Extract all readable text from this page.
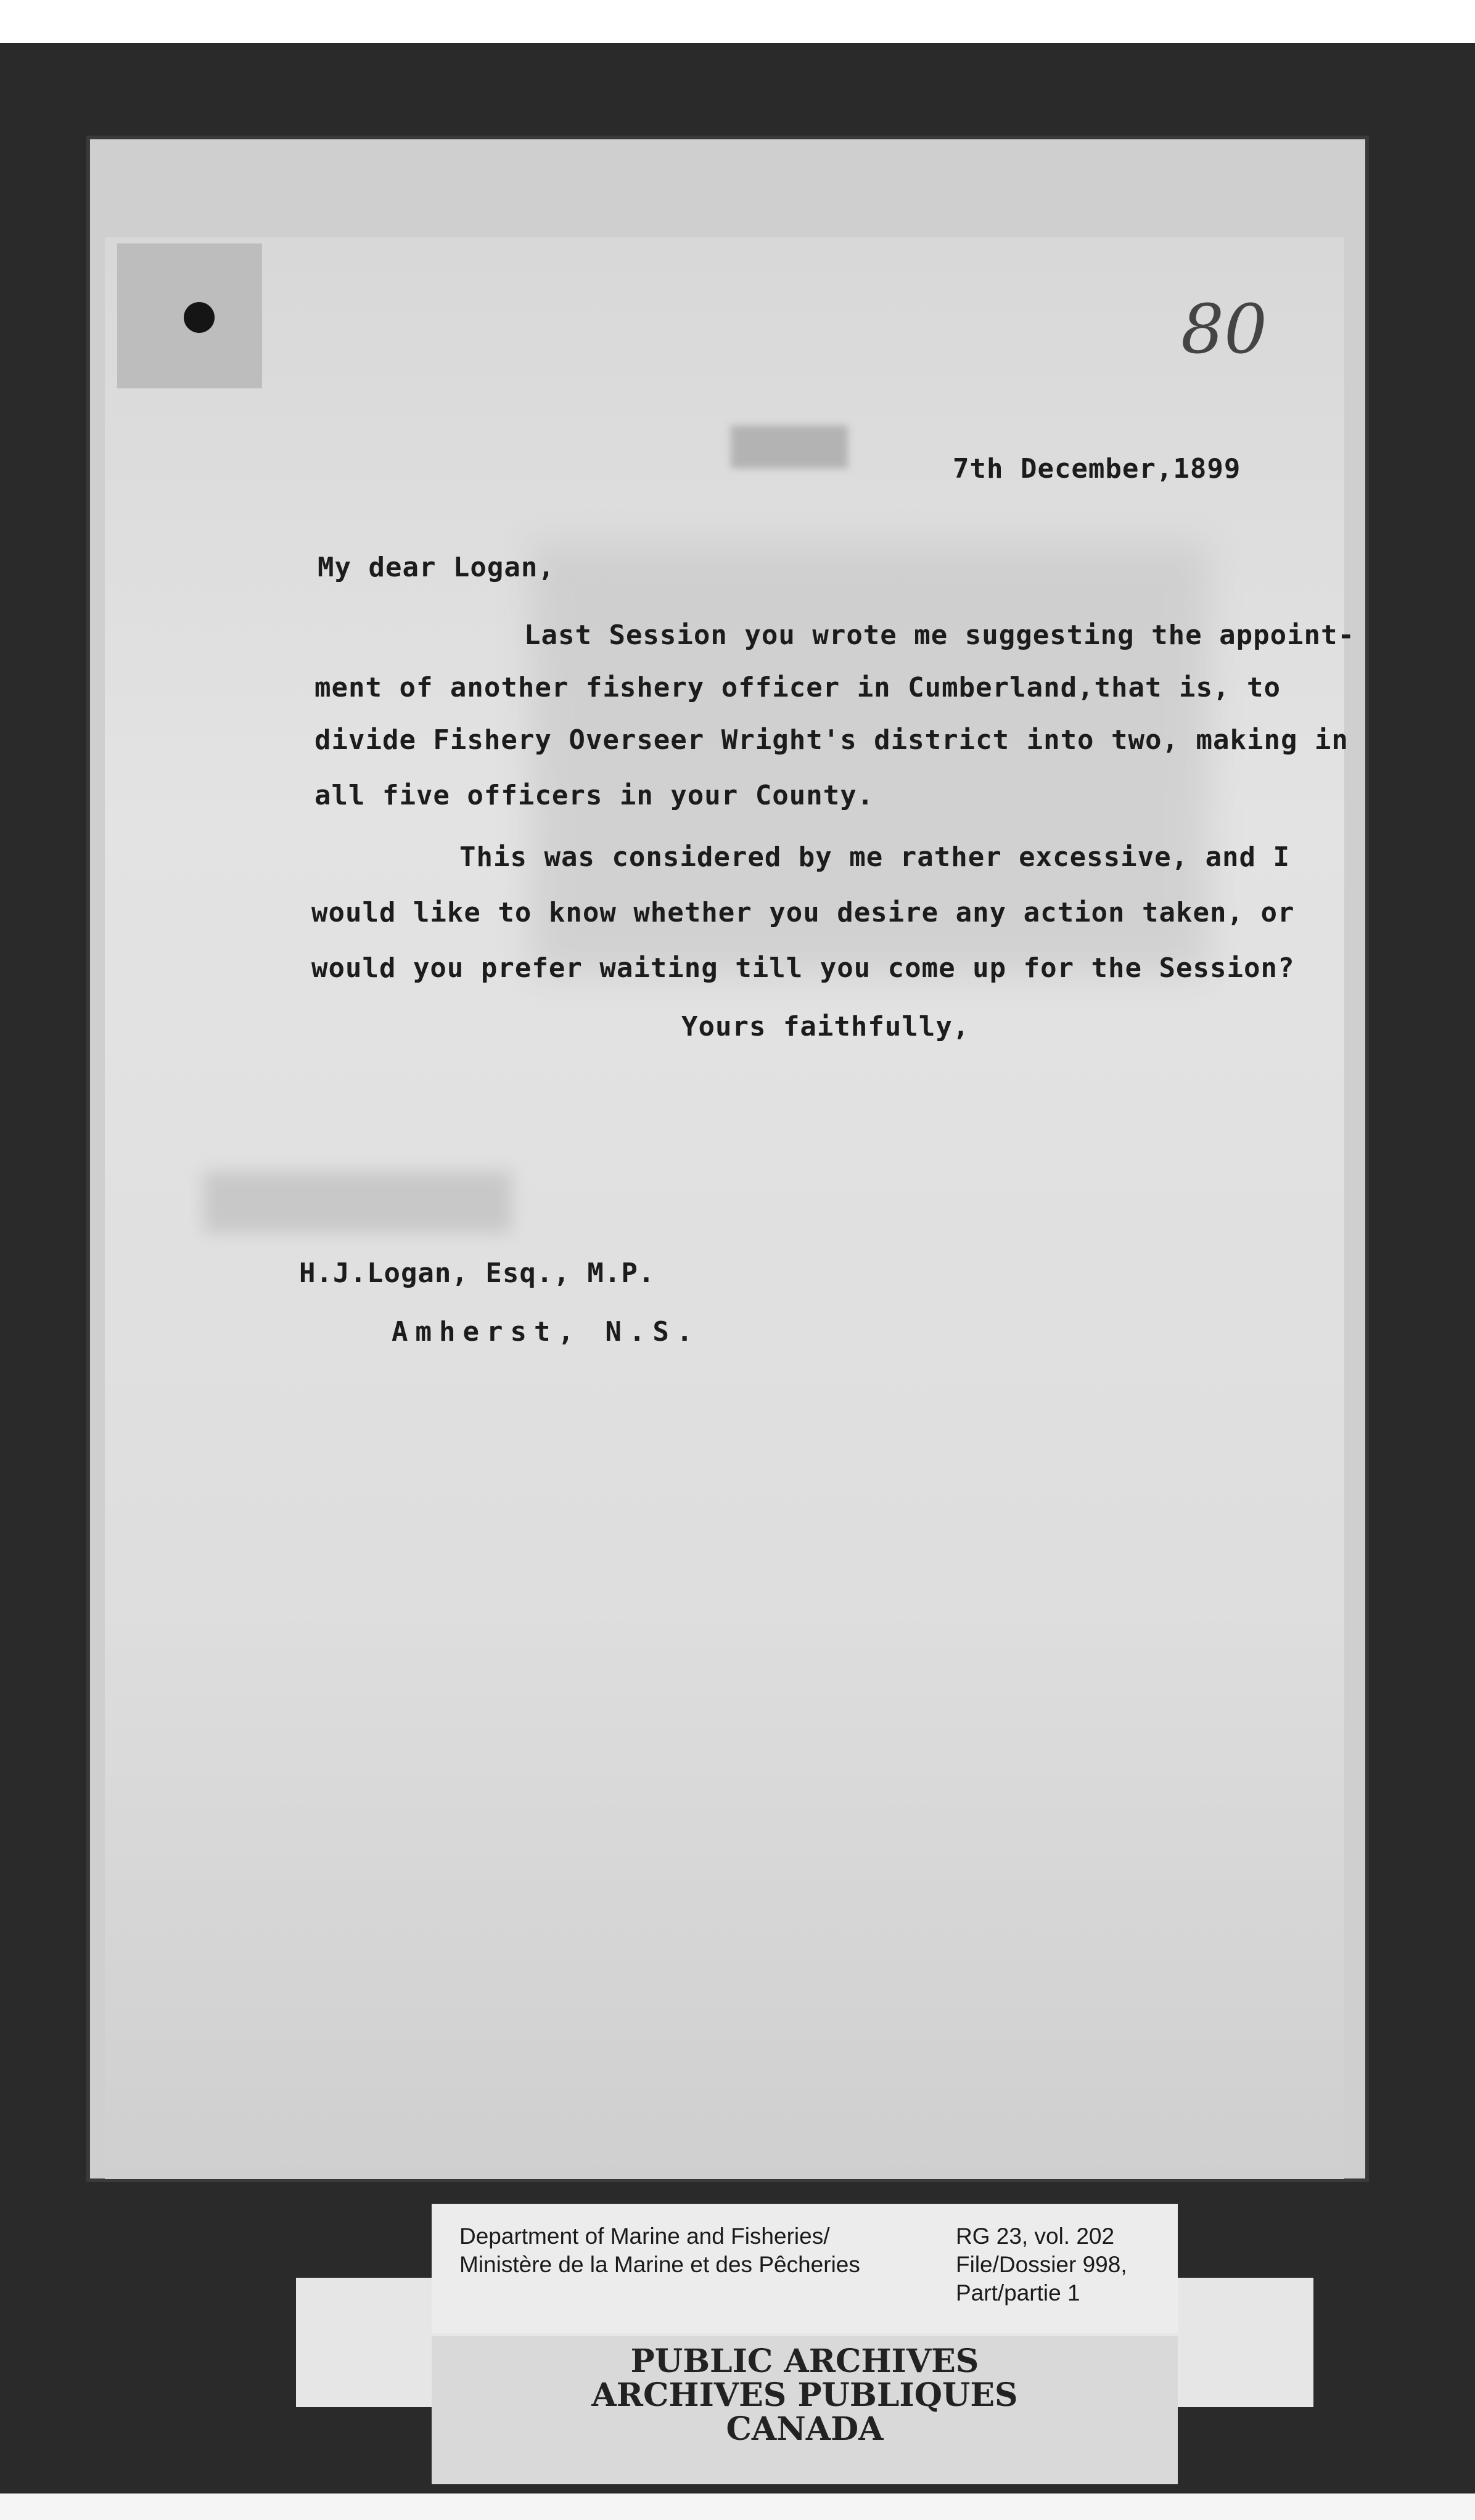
80
7th December,1899
My dear Logan,
Last Session you wrote me suggesting the appoint-
ment of another fishery officer in Cumberland,that is, to
divide Fishery Overseer Wright's district into two, making in
all five officers in your County.
This was considered by me rather excessive, and I
would like to know whether you desire any action taken, or
would you prefer waiting till you come up for the Session?
Yours faithfully,
H.J.Logan, Esq., M.P.
Amherst, N.S.
Department of Marine and Fisheries/
Ministère de la Marine et des Pêcheries
RG 23, vol. 202
File/Dossier 998,
Part/partie 1
PUBLIC ARCHIVES
ARCHIVES PUBLIQUES
CANADA
